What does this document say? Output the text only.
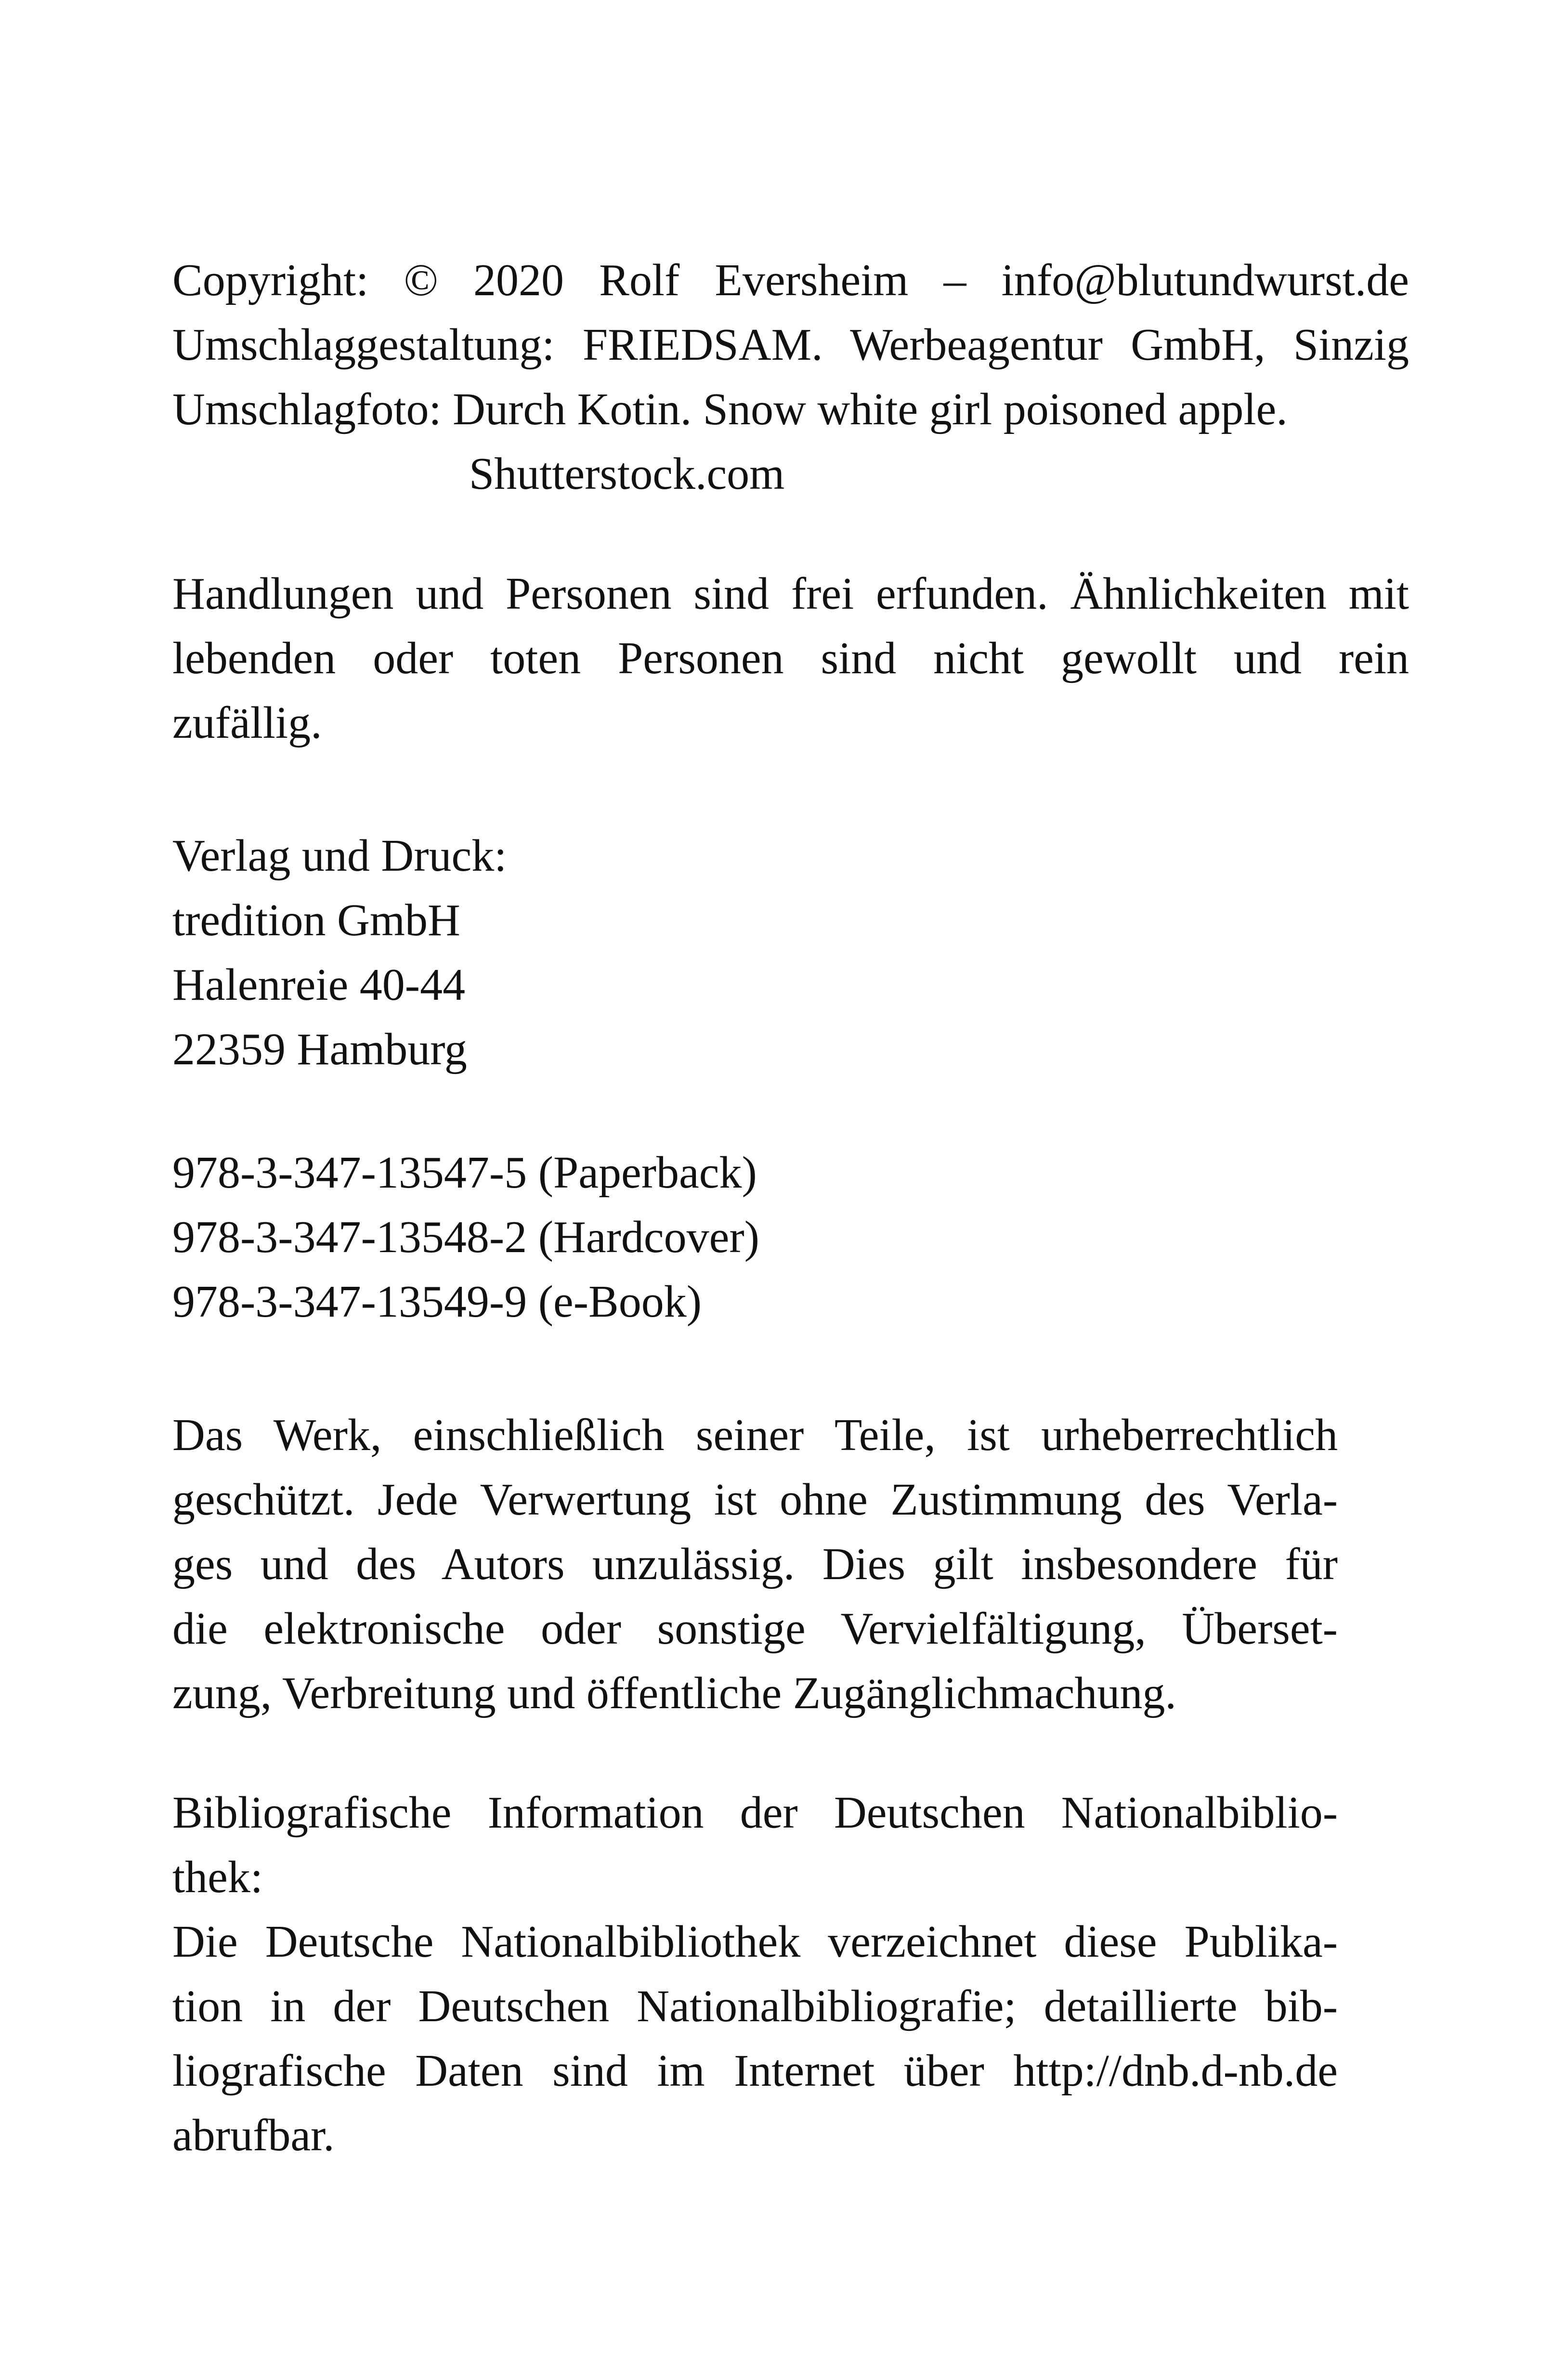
Copyright: © 2020 Rolf Eversheim – info@blutundwurst.de
Umschlaggestaltung: FRIEDSAM. Werbeagentur GmbH, Sinzig
Umschlagfoto: Durch Kotin. Snow white girl poisoned apple.
Shutterstock.com
Handlungen und Personen sind frei erfunden. Ähnlichkeiten mit
lebenden oder toten Personen sind nicht gewollt und rein
zufällig.
Verlag und Druck:
tredition GmbH
Halenreie 40-44
22359 Hamburg
978-3-347-13547-5 (Paperback)
978-3-347-13548-2 (Hardcover)
978-3-347-13549-9 (e-Book)
Das Werk, einschließlich seiner Teile, ist urheberrechtlich
geschützt. Jede Verwertung ist ohne Zustimmung des Verla-
ges und des Autors unzulässig. Dies gilt insbesondere für
die elektronische oder sonstige Vervielfältigung, Überset-
zung, Verbreitung und öffentliche Zugänglichmachung.
Bibliografische Information der Deutschen Nationalbiblio-
thek:
Die Deutsche Nationalbibliothek verzeichnet diese Publika-
tion in der Deutschen Nationalbibliografie; detaillierte bib-
liografische Daten sind im Internet über http://dnb.d-nb.de
abrufbar.
